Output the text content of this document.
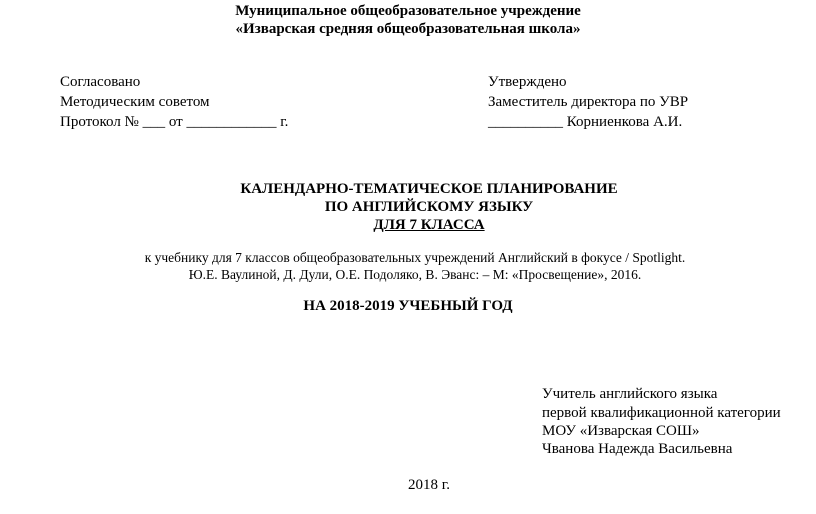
Муниципальное общеобразовательное учреждение
«Изварская средняя общеобразовательная школа»
Согласовано
Методическим советом
Протокол № ___ от ____________ г.
Утверждено
Заместитель директора по УВР
__________ Корниенкова А.И.
КАЛЕНДАРНО-ТЕМАТИЧЕСКОЕ ПЛАНИРОВАНИЕ
ПО АНГЛИЙСКОМУ ЯЗЫКУ
ДЛЯ 7 КЛАССА
к учебнику для 7 классов общеобразовательных учреждений Английский в фокусе / Spotlight.
Ю.Е. Ваулиной, Д. Дули, О.Е. Подоляко, В. Эванс: – М: «Просвещение», 2016.
НА 2018-2019 УЧЕБНЫЙ ГОД
Учитель английского языка
первой квалификационной категории
МОУ «Изварская СОШ»
Чванова Надежда Васильевна
2018 г.
